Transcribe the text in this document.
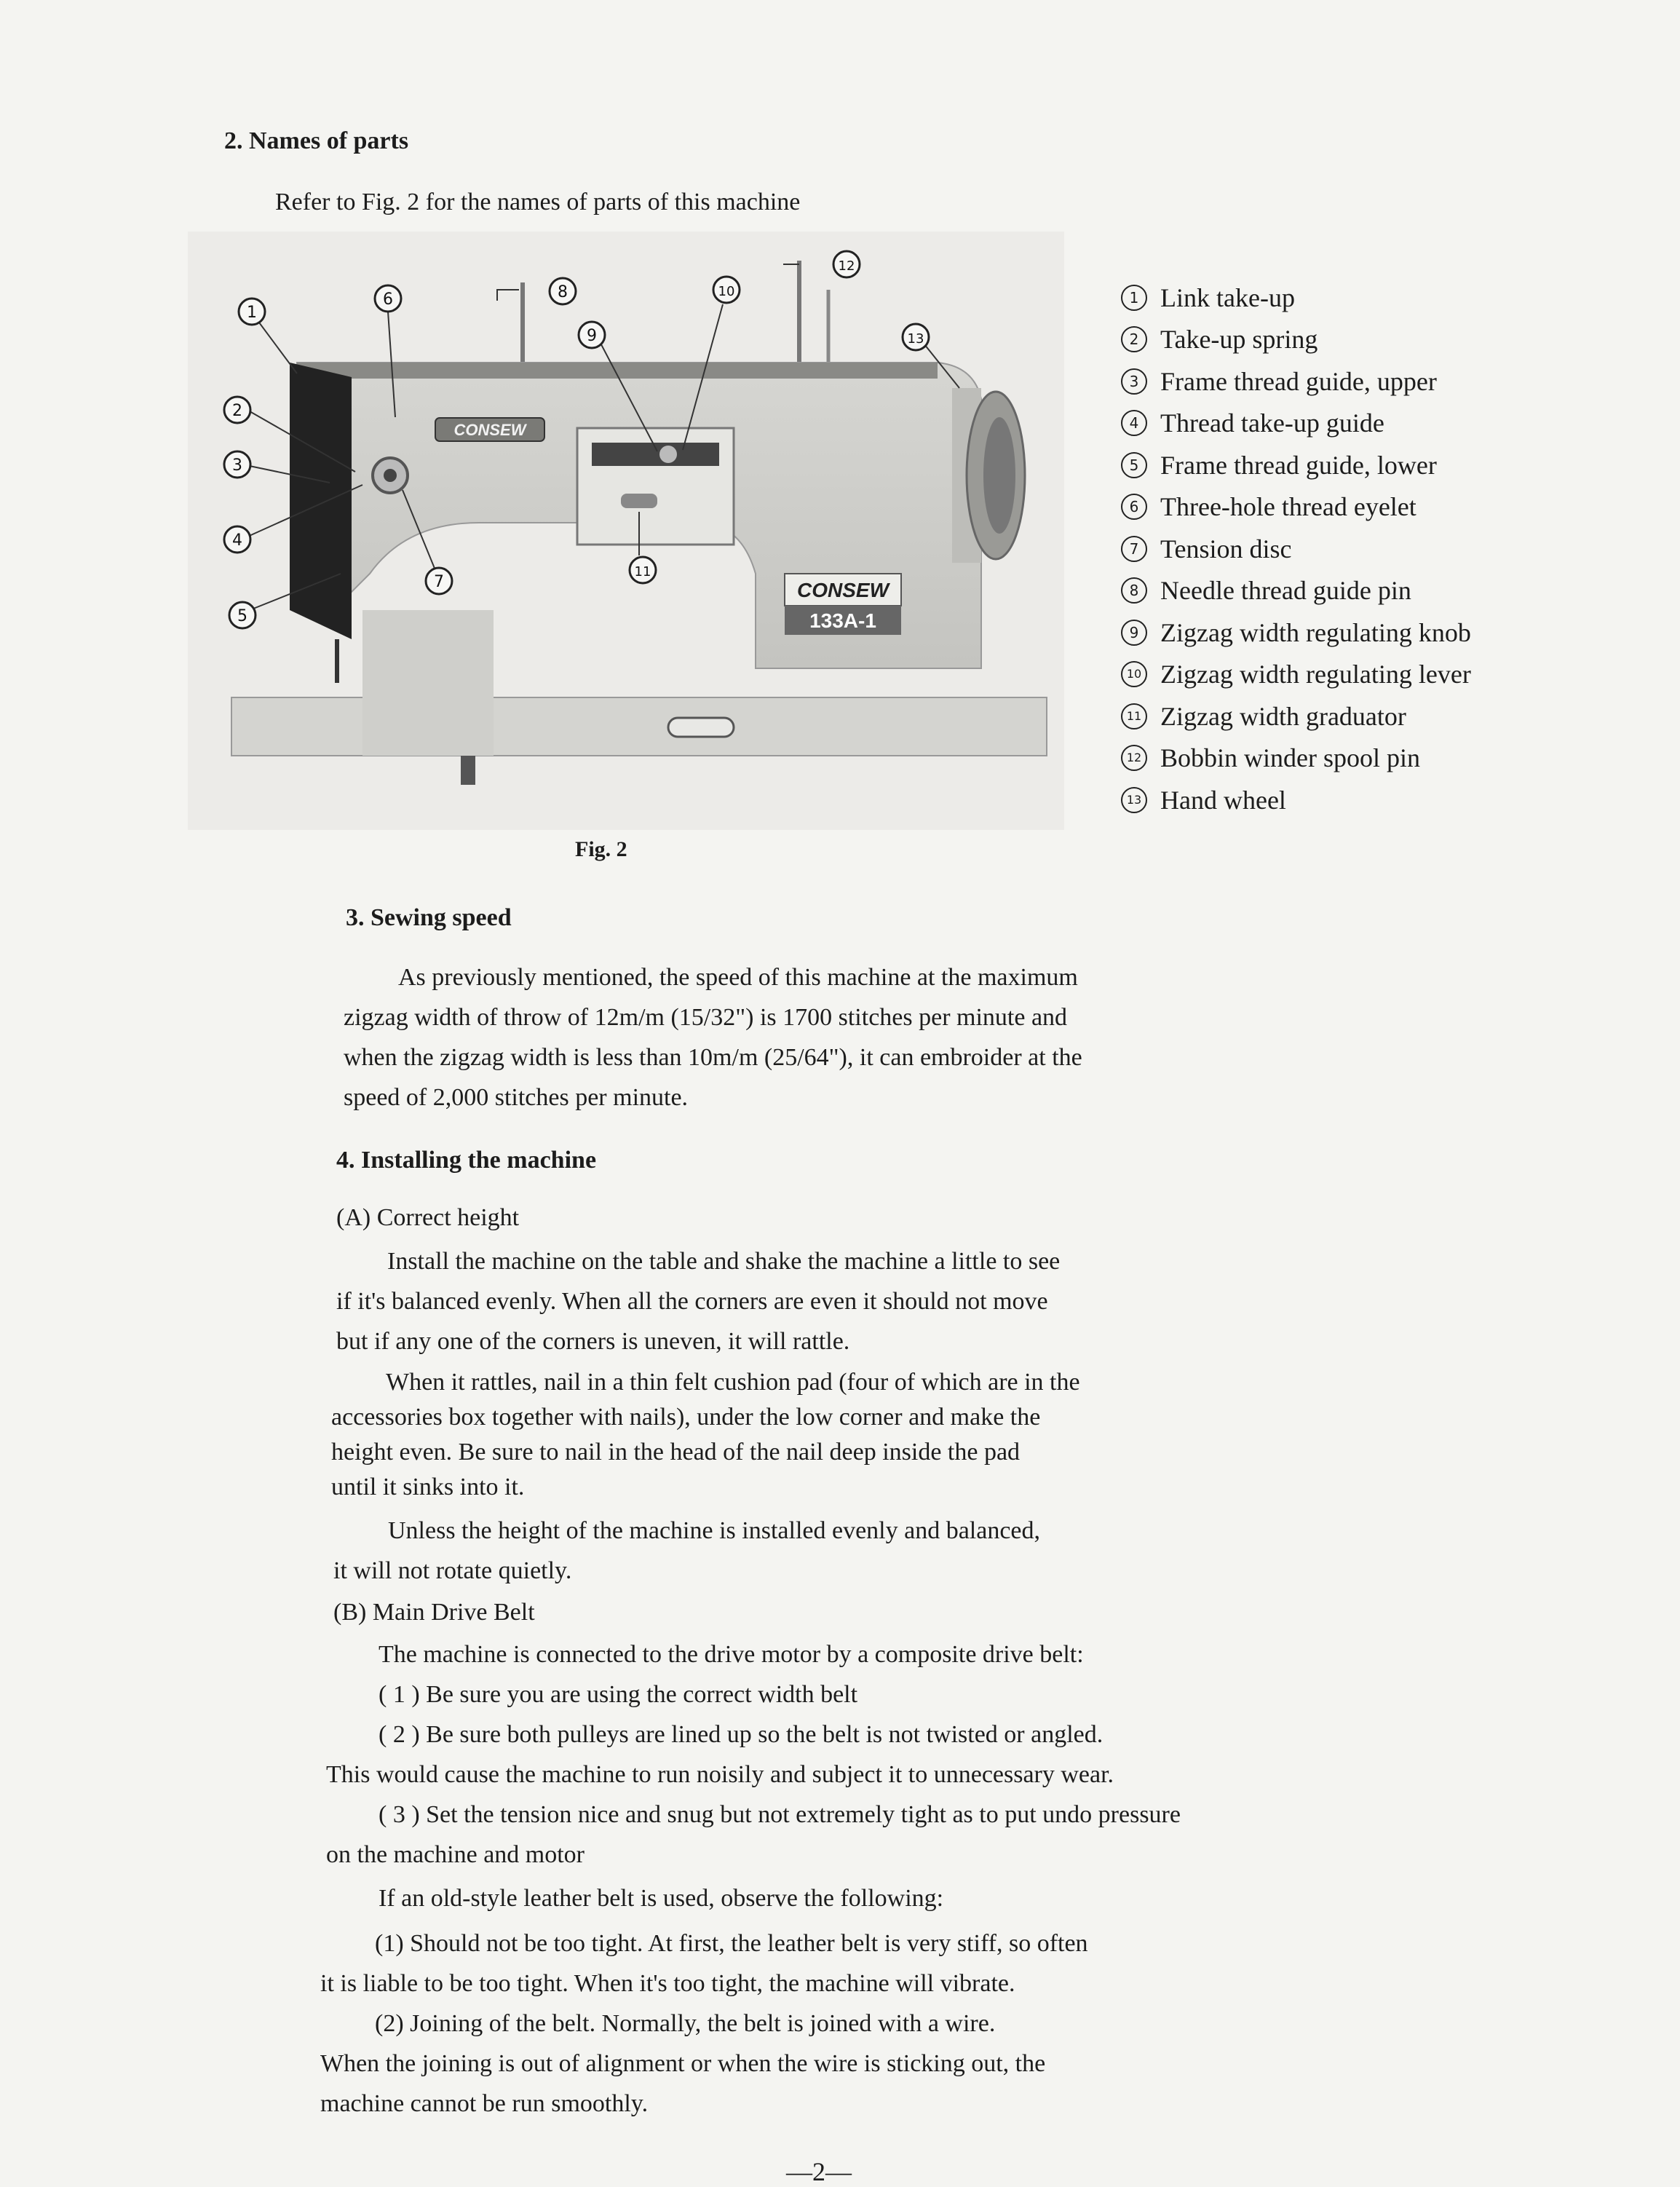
2. Names of parts
Refer to Fig. 2 for the names of parts of this machine
CONSEW
CONSEW
133A-1
1
2
3
4
5
6
7
8
9
10
11
12
13
1 Link take-up
2 Take-up spring
3 Frame thread guide, upper
4 Thread take-up guide
5 Frame thread guide, lower
6 Three-hole thread eyelet
7 Tension disc
8 Needle thread guide pin
9 Zigzag width regulating knob
10 Zigzag width regulating lever
11 Zigzag width graduator
12 Bobbin winder spool pin
13 Hand wheel
Fig. 2
3. Sewing speed
As previously mentioned, the speed of this machine at the maximum
zigzag width of throw of 12m/m (15/32") is 1700 stitches per minute and
when the zigzag width is less than 10m/m (25/64"), it can embroider at the
speed of 2,000 stitches per minute.
4. Installing the machine
(A) Correct height
Install the machine on the table and shake the machine a little to see
if it's balanced evenly. When all the corners are even it should not move
but if any one of the corners is uneven, it will rattle.
When it rattles, nail in a thin felt cushion pad (four of which are in the
accessories box together with nails), under the low corner and make the
height even. Be sure to nail in the head of the nail deep inside the pad
until it sinks into it.
Unless the height of the machine is installed evenly and balanced,
it will not rotate quietly.
(B) Main Drive Belt
The machine is connected to the drive motor by a composite drive belt:
( 1 ) Be sure you are using the correct width belt
( 2 ) Be sure both pulleys are lined up so the belt is not twisted or angled.
This would cause the machine to run noisily and subject it to unnecessary wear.
( 3 ) Set the tension nice and snug but not extremely tight as to put undo pressure
on the machine and motor
If an old-style leather belt is used, observe the following:
(1) Should not be too tight. At first, the leather belt is very stiff, so often
it is liable to be too tight. When it's too tight, the machine will vibrate.
(2) Joining of the belt. Normally, the belt is joined with a wire.
When the joining is out of alignment or when the wire is sticking out, the
machine cannot be run smoothly.
—2—
